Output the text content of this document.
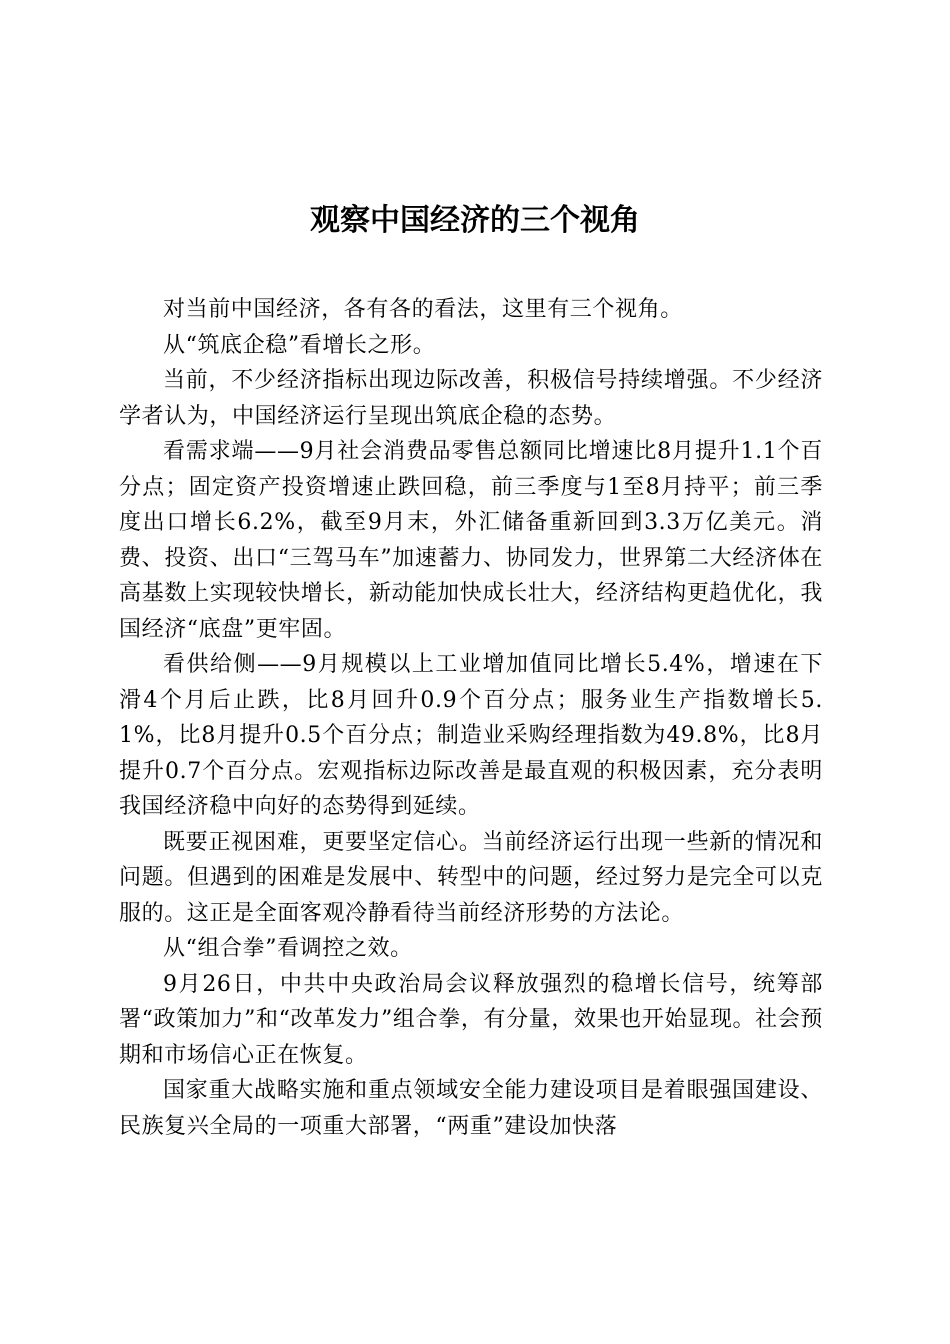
观察中国经济的三个视角

对当前中国经济，各有各的看法，这里有三个视角。

从“筑底企稳”看增长之形。

当前，不少经济指标出现边际改善，积极信号持续增强。不少经济学者认为，中国经济运行呈现出筑底企稳的态势。

看需求端——9月社会消费品零售总额同比增速比8月提升1.1个百分点；固定资产投资增速止跌回稳，前三季度与1至8月持平；前三季度出口增长6.2%，截至9月末，外汇储备重新回到3.3万亿美元。消费、投资、出口“三驾马车”加速蓄力、协同发力，世界第二大经济体在高基数上实现较快增长，新动能加快成长壮大，经济结构更趋优化，我国经济“底盘”更牢固。

看供给侧——9月规模以上工业增加值同比增长5.4%，增速在下滑4个月后止跌，比8月回升0.9个百分点；服务业生产指数增长5.1%，比8月提升0.5个百分点；制造业采购经理指数为49.8%，比8月提升0.7个百分点。宏观指标边际改善是最直观的积极因素，充分表明我国经济稳中向好的态势得到延续。

既要正视困难，更要坚定信心。当前经济运行出现一些新的情况和问题。但遇到的困难是发展中、转型中的问题，经过努力是完全可以克服的。这正是全面客观冷静看待当前经济形势的方法论。

从“组合拳”看调控之效。

9月26日，中共中央政治局会议释放强烈的稳增长信号，统筹部署“政策加力”和“改革发力”组合拳，有分量，效果也开始显现。社会预期和市场信心正在恢复。

国家重大战略实施和重点领域安全能力建设项目是着眼强国建设、民族复兴全局的一项重大部署，“两重”建设加快落
